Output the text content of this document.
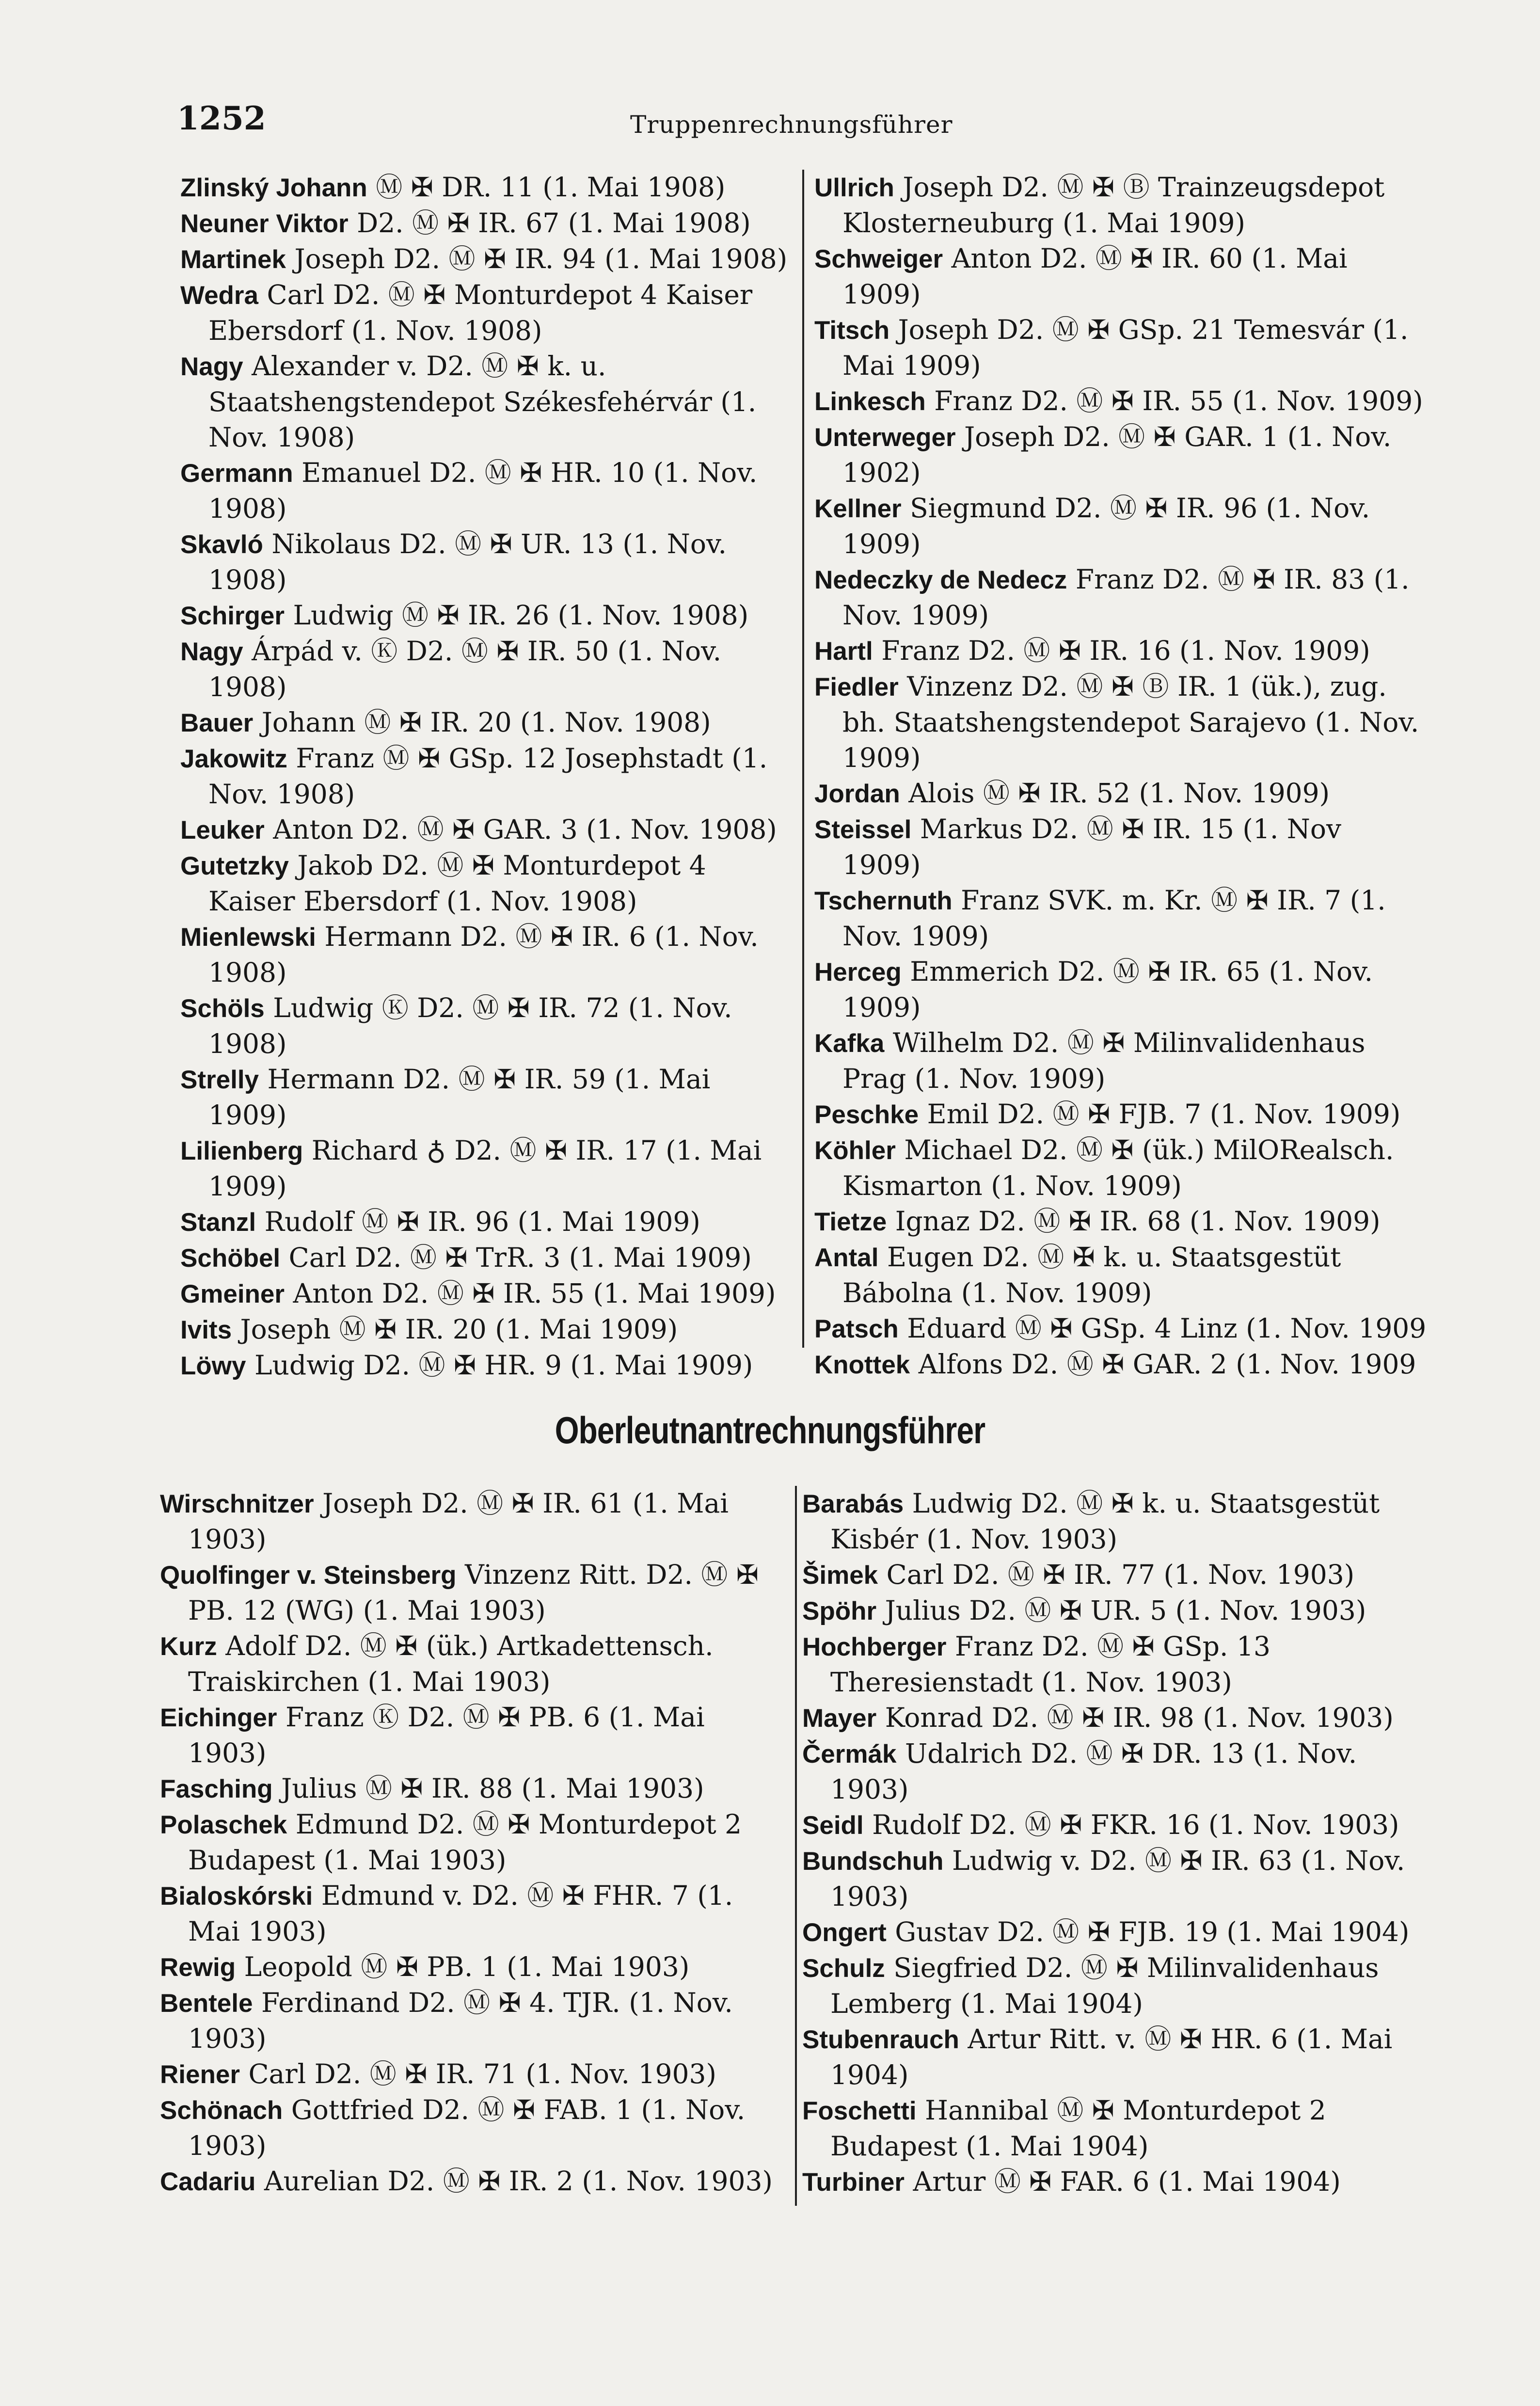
1252	Truppenrechnungsführer
Zlinský Johann Ⓜ ✠ DR. 11 (1. Mai 1908)
Neuner Viktor D2. Ⓜ ✠ IR. 67 (1. Mai 1908)
Martinek Joseph D2. Ⓜ ✠ IR. 94 (1. Mai 1908)
Wedra Carl D2. Ⓜ ✠ Monturdepot 4 Kaiser Ebersdorf (1. Nov. 1908)
Nagy Alexander v. D2. Ⓜ ✠ k. u. Staatshengstendepot Székesfehérvár (1. Nov. 1908)
Germann Emanuel D2. Ⓜ ✠ HR. 10 (1. Nov. 1908)
Skavló Nikolaus D2. Ⓜ ✠ UR. 13 (1. Nov. 1908)
Schirger Ludwig Ⓜ ✠ IR. 26 (1. Nov. 1908)
Nagy Árpád v. Ⓚ D2. Ⓜ ✠ IR. 50 (1. Nov. 1908)
Bauer Johann Ⓜ ✠ IR. 20 (1. Nov. 1908)
Jakowitz Franz Ⓜ ✠ GSp. 12 Josephstadt (1. Nov. 1908)
Leuker Anton D2. Ⓜ ✠ GAR. 3 (1. Nov. 1908)
Gutetzky Jakob D2. Ⓜ ✠ Monturdepot 4 Kaiser Ebersdorf (1. Nov. 1908)
Mienlewski Hermann D2. Ⓜ ✠ IR. 6 (1. Nov. 1908)
Schöls Ludwig Ⓚ D2. Ⓜ ✠ IR. 72 (1. Nov. 1908)
Strelly Hermann D2. Ⓜ ✠ IR. 59 (1. Mai 1909)
Lilienberg Richard ♁ D2. Ⓜ ✠ IR. 17 (1. Mai 1909)
Stanzl Rudolf Ⓜ ✠ IR. 96 (1. Mai 1909)
Schöbel Carl D2. Ⓜ ✠ TrR. 3 (1. Mai 1909)
Gmeiner Anton D2. Ⓜ ✠ IR. 55 (1. Mai 1909)
Ivits Joseph Ⓜ ✠ IR. 20 (1. Mai 1909)
Löwy Ludwig D2. Ⓜ ✠ HR. 9 (1. Mai 1909)
Ullrich Joseph D2. Ⓜ ✠ Ⓑ Trainzeugsdepot Klosterneuburg (1. Mai 1909)
Schweiger Anton D2. Ⓜ ✠ IR. 60 (1. Mai 1909)
Titsch Joseph D2. Ⓜ ✠ GSp. 21 Temesvár (1. Mai 1909)
Linkesch Franz D2. Ⓜ ✠ IR. 55 (1. Nov. 1909)
Unterweger Joseph D2. Ⓜ ✠ GAR. 1 (1. Nov. 1902)
Kellner Siegmund D2. Ⓜ ✠ IR. 96 (1. Nov. 1909)
Nedeczky de Nedecz Franz D2. Ⓜ ✠ IR. 83 (1. Nov. 1909)
Hartl Franz D2. Ⓜ ✠ IR. 16 (1. Nov. 1909)
Fiedler Vinzenz D2. Ⓜ ✠ Ⓑ IR. 1 (ük.), zug. bh. Staatshengstendepot Sarajevo (1. Nov. 1909)
Jordan Alois Ⓜ ✠ IR. 52 (1. Nov. 1909)
Steissel Markus D2. Ⓜ ✠ IR. 15 (1. Nov 1909)
Tschernuth Franz SVK. m. Kr. Ⓜ ✠ IR. 7 (1. Nov. 1909)
Herceg Emmerich D2. Ⓜ ✠ IR. 65 (1. Nov. 1909)
Kafka Wilhelm D2. Ⓜ ✠ Milinvalidenhaus Prag (1. Nov. 1909)
Peschke Emil D2. Ⓜ ✠ FJB. 7 (1. Nov. 1909)
Köhler Michael D2. Ⓜ ✠ (ük.) MilORealsch. Kismarton (1. Nov. 1909)
Tietze Ignaz D2. Ⓜ ✠ IR. 68 (1. Nov. 1909)
Antal Eugen D2. Ⓜ ✠ k. u. Staatsgestüt Bábolna (1. Nov. 1909)
Patsch Eduard Ⓜ ✠ GSp. 4 Linz (1. Nov. 1909
Knottek Alfons D2. Ⓜ ✠ GAR. 2 (1. Nov. 1909
Oberleutnantrechnungsführer
Wirschnitzer Joseph D2. Ⓜ ✠ IR. 61 (1. Mai 1903)
Quolfinger v. Steinsberg Vinzenz Ritt. D2. Ⓜ ✠ PB. 12 (WG) (1. Mai 1903)
Kurz Adolf D2. Ⓜ ✠ (ük.) Artkadettensch. Traiskirchen (1. Mai 1903)
Eichinger Franz Ⓚ D2. Ⓜ ✠ PB. 6 (1. Mai 1903)
Fasching Julius Ⓜ ✠ IR. 88 (1. Mai 1903)
Polaschek Edmund D2. Ⓜ ✠ Monturdepot 2 Budapest (1. Mai 1903)
Bialoskórski Edmund v. D2. Ⓜ ✠ FHR. 7 (1. Mai 1903)
Rewig Leopold Ⓜ ✠ PB. 1 (1. Mai 1903)
Bentele Ferdinand D2. Ⓜ ✠ 4. TJR. (1. Nov. 1903)
Riener Carl D2. Ⓜ ✠ IR. 71 (1. Nov. 1903)
Schönach Gottfried D2. Ⓜ ✠ FAB. 1 (1. Nov. 1903)
Cadariu Aurelian D2. Ⓜ ✠ IR. 2 (1. Nov. 1903)
Barabás Ludwig D2. Ⓜ ✠ k. u. Staatsgestüt Kisbér (1. Nov. 1903)
Šimek Carl D2. Ⓜ ✠ IR. 77 (1. Nov. 1903)
Spöhr Julius D2. Ⓜ ✠ UR. 5 (1. Nov. 1903)
Hochberger Franz D2. Ⓜ ✠ GSp. 13 Theresienstadt (1. Nov. 1903)
Mayer Konrad D2. Ⓜ ✠ IR. 98 (1. Nov. 1903)
Čermák Udalrich D2. Ⓜ ✠ DR. 13 (1. Nov. 1903)
Seidl Rudolf D2. Ⓜ ✠ FKR. 16 (1. Nov. 1903)
Bundschuh Ludwig v. D2. Ⓜ ✠ IR. 63 (1. Nov. 1903)
Ongert Gustav D2. Ⓜ ✠ FJB. 19 (1. Mai 1904)
Schulz Siegfried D2. Ⓜ ✠ Milinvalidenhaus Lemberg (1. Mai 1904)
Stubenrauch Artur Ritt. v. Ⓜ ✠ HR. 6 (1. Mai 1904)
Foschetti Hannibal Ⓜ ✠ Monturdepot 2 Budapest (1. Mai 1904)
Turbiner Artur Ⓜ ✠ FAR. 6 (1. Mai 1904)
